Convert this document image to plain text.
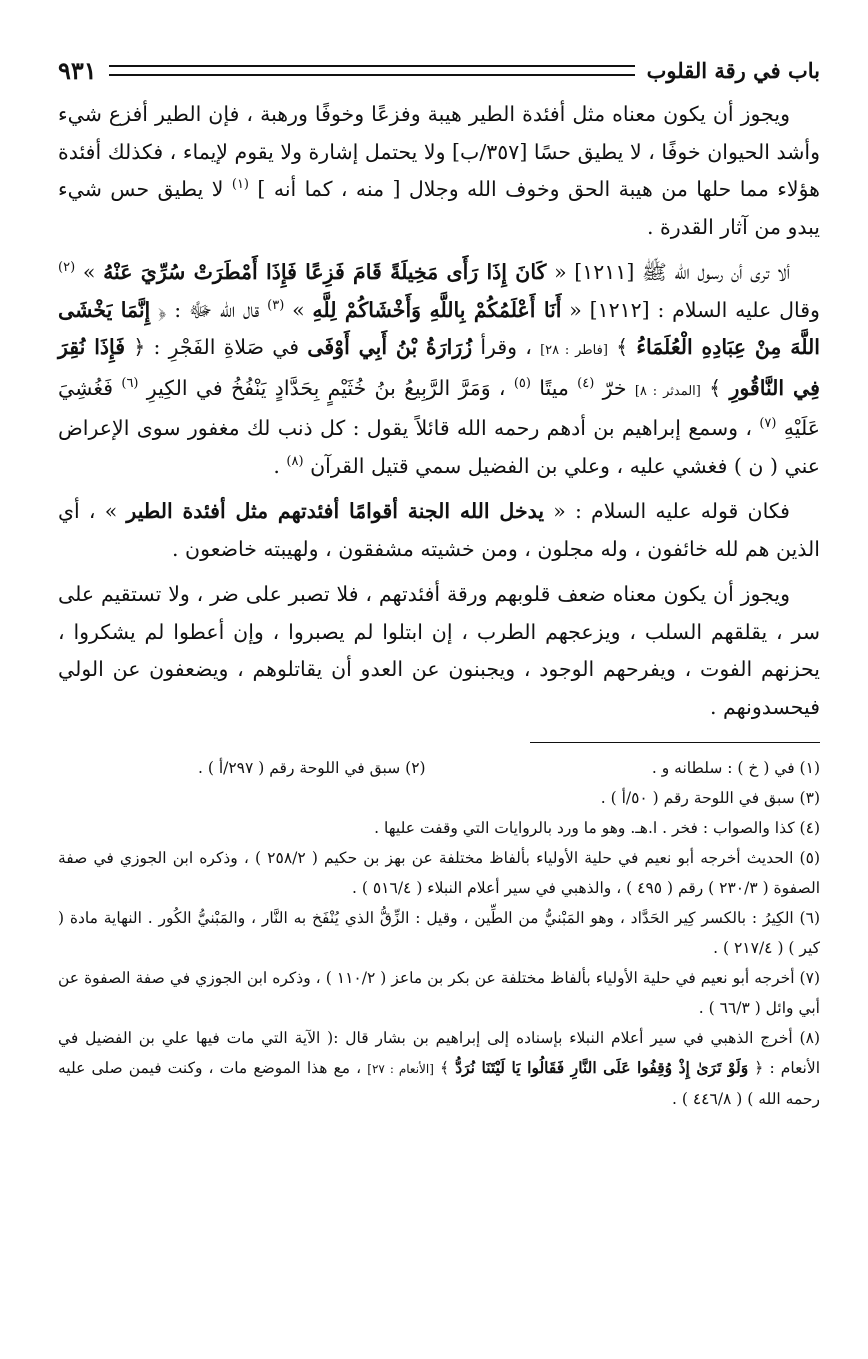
باب في رقة القلوب
٩٣١

ويجوز أن يكون معناه مثل أفئدة الطير هيبة وفزعًا وخوفًا ورهبة ، فإن الطير أفزع شيء وأشد الحيوان خوفًا ، لا يطيق حسًا [٣٥٧/ب] ولا يحتمل إشارة ولا يقوم لإيماء ، فكذلك أفئدة هؤلاء مما حلها من هيبة الحق وخوف الله وجلال [ منه ، كما أنه ] $^{(١)}$ لا يطيق حس شيء يبدو من آثار القدرة .

ألا ترى أن رسول الله ﷺ [١٢١١] « كَانَ إِذَا رَأَى مَخِيلَةً قَامَ فَزِعًا فَإِذَا أَمْطَرَتْ سُرِّيَ عَنْهُ » $^{(٢)}$ وقال عليه السلام : [١٢١٢] « أَنَا أَعْلَمُكُمْ بِاللَّهِ وَأَخْشَاكُمْ لِلَّهِ » $^{(٣)}$ قال الله ﷻ : ﴿ إِنَّمَا يَخْشَى اللَّهَ مِنْ عِبَادِهِ الْعُلَمَاءُ ﴾ [فاطر : ٢٨] ، وقرأ زُرَارَةُ بْنُ أَبِي أَوْفَى في صَلاةِ الفَجْرِ : ﴿ فَإِذَا نُقِرَ فِي النَّاقُورِ ﴾ [المدثر : ٨] خرّ $^{(٤)}$ ميتًا $^{(٥)}$ ، وَمَرَّ الرَّبِيعُ بنُ خُثَيْمٍ بِحَدَّادٍ يَنْفُخُ في الكِيرِ $^{(٦)}$ فَغُشِيَ عَلَيْهِ $^{(٧)}$ ، وسمع إبراهيم بن أدهم رحمه الله قائلاً يقول : كل ذنب لك مغفور سوى الإعراض عني ( ن ) فغشي عليه ، وعلي بن الفضيل سمي قتيل القرآن $^{(٨)}$ .

فكان قوله عليه السلام : « يدخل الله الجنة أقوامًا أفئدتهم مثل أفئدة الطير » ، أي الذين هم لله خائفون ، وله مجلون ، ومن خشيته مشفقون ، ولهيبته خاضعون .

ويجوز أن يكون معناه ضعف قلوبهم ورقة أفئدتهم ، فلا تصبر على ضر ، ولا تستقيم على سر ، يقلقهم السلب ، ويزعجهم الطرب ، إن ابتلوا لم يصبروا ، وإن أعطوا لم يشكروا ، يحزنهم الفوت ، ويفرحهم الوجود ، ويجبنون عن العدو أن يقاتلوهم ، ويضعفون عن الولي فيحسدونهم .

(١) في ( خ ) : سلطانه و .
(٢) سبق في اللوحة رقم ( ٢٩٧/أ ) .

(٣) سبق في اللوحة رقم ( ٥٠/أ ) .

(٤) كذا والصواب : فخر . ا.هـ. وهو ما ورد بالروايات التي وقفت عليها .

(٥) الحديث أخرجه أبو نعيم في حلية الأولياء بألفاظ مختلفة عن بهز بن حكيم ( ٢٥٨/٢ ) ، وذكره ابن الجوزي في صفة الصفوة ( ٢٣٠/٣ ) رقم ( ٤٩٥ ) ، والذهبي في سير أعلام النبلاء ( ٥١٦/٤ ) .

(٦) الكِيرُ : بالكسر كِير الحَدَّاد ، وهو المَبْنيُّ من الطِّين ، وقيل : الزِّقُّ الذي يُنْفَخ به النَّار ، والمَبْنيُّ الكُور . النهاية مادة ( كير ) ( ٢١٧/٤ ) .

(٧) أخرجه أبو نعيم في حلية الأولياء بألفاظ مختلفة عن بكر بن ماعز ( ١١٠/٢ ) ، وذكره ابن الجوزي في صفة الصفوة عن أبي وائل ( ٦٦/٣ ) .

(٨) أخرج الذهبي في سير أعلام النبلاء بإسناده إلى إبراهيم بن بشار قال :( الآية التي مات فيها علي بن الفضيل في الأنعام : ﴿ وَلَوْ تَرَىٰ إِذْ وُقِفُوا عَلَى النَّارِ فَقَالُوا يَا لَيْتَنَا نُرَدُّ ﴾ [الأنعام : ٢٧] ، مع هذا الموضع مات ، وكنت فيمن صلى عليه رحمه الله ) ( ٤٤٦/٨ ) .
